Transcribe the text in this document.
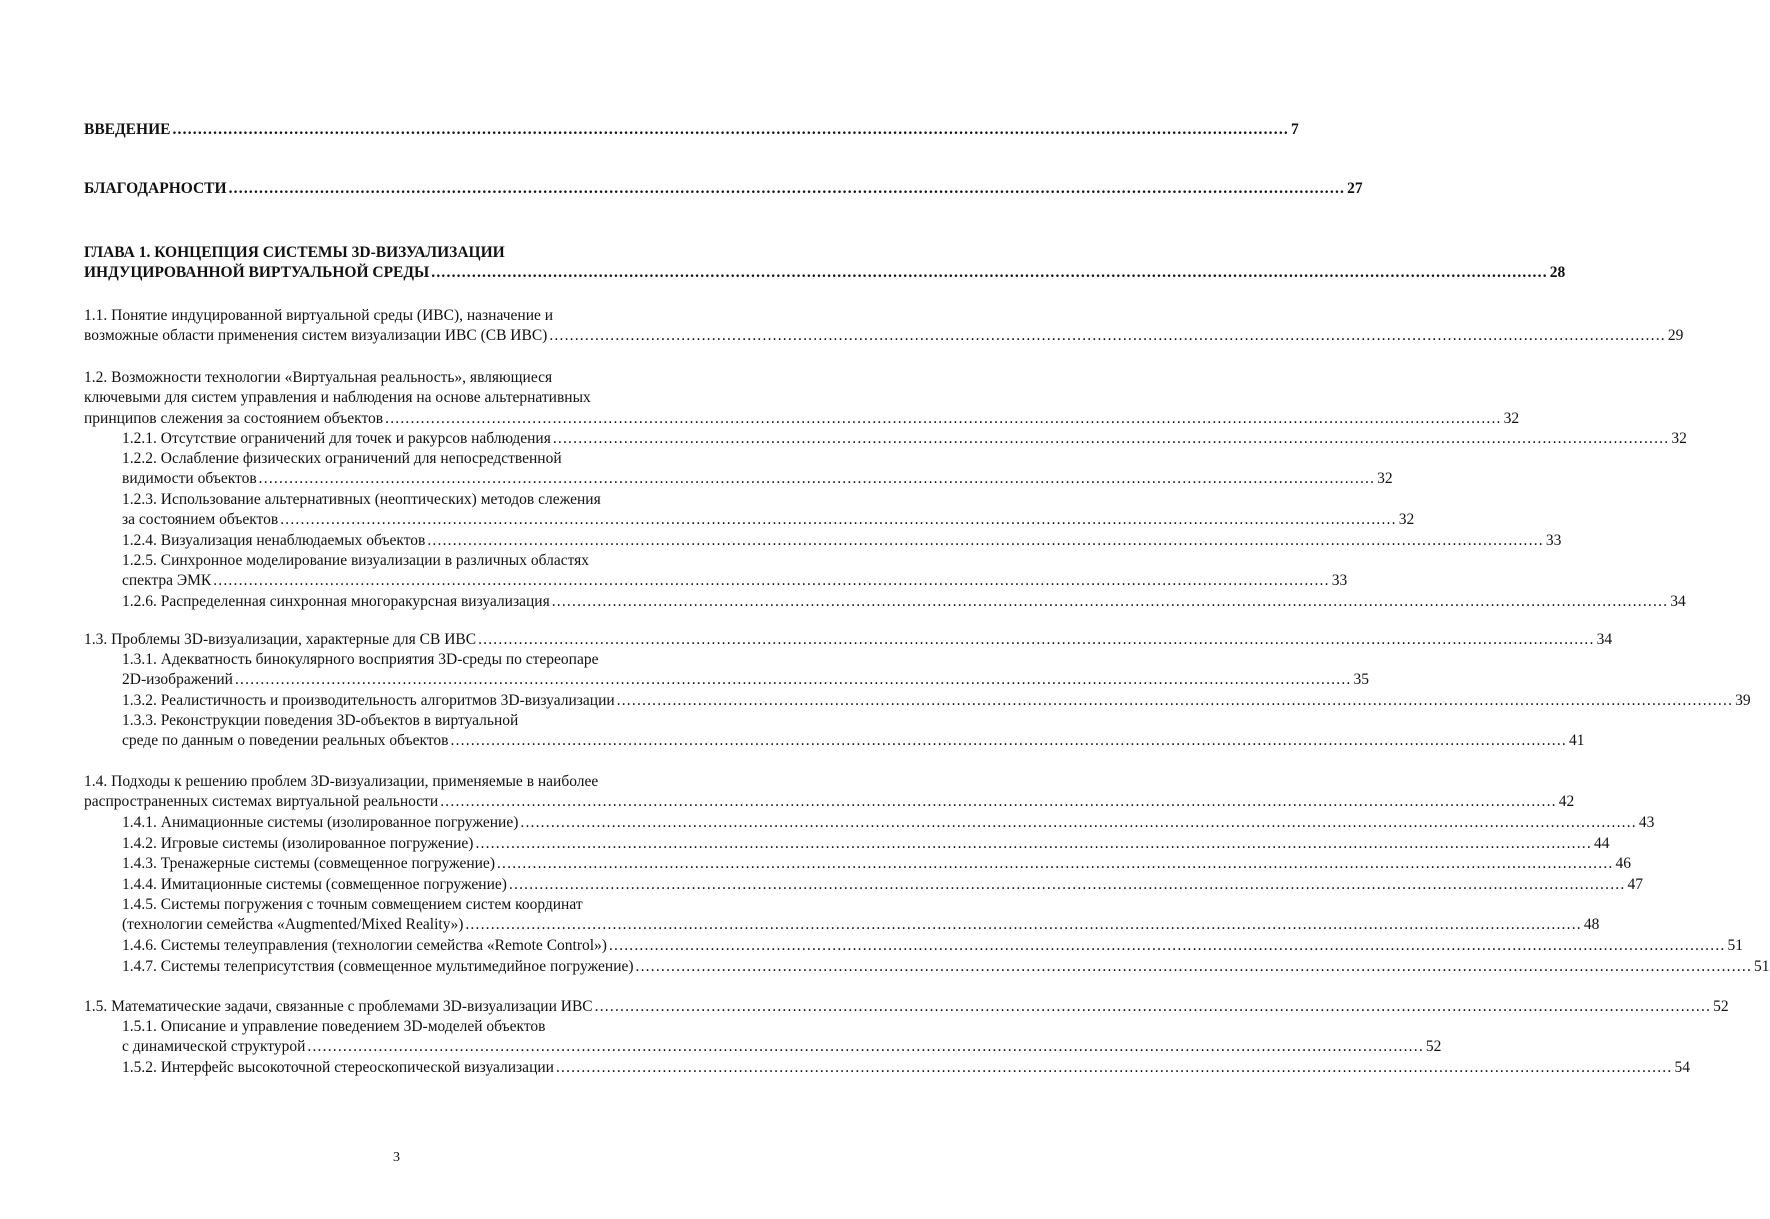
ВВЕДЕНИЕ ............................................................................................................................................................................................................................ 7
БЛАГОДАРНОСТИ ............................................................................................................................................................................................................................ 27
ГЛАВА 1. КОНЦЕПЦИЯ СИСТЕМЫ 3D-ВИЗУАЛИЗАЦИИ
ИНДУЦИРОВАННОЙ ВИРТУАЛЬНОЙ СРЕДЫ ............................................................................................................................................................................................................................ 28
1.1. Понятие индуцированной виртуальной среды (ИВС), назначение и
возможные области применения систем визуализации ИВС (СВ ИВС) ............................................................................................................................................................................................................................ 29
1.2. Возможности технологии «Виртуальная реальность», являющиеся
ключевыми для систем управления и наблюдения на основе альтернативных
принципов слежения за состоянием объектов ............................................................................................................................................................................................................................ 32
1.2.1. Отсутствие ограничений для точек и ракурсов наблюдения ............................................................................................................................................................................................................................ 32
1.2.2. Ослабление физических ограничений для непосредственной
видимости объектов ............................................................................................................................................................................................................................ 32
1.2.3. Использование альтернативных (неоптических) методов слежения
за состоянием объектов ............................................................................................................................................................................................................................ 32
1.2.4. Визуализация ненаблюдаемых объектов ............................................................................................................................................................................................................................ 33
1.2.5. Синхронное моделирование визуализации в различных областях
спектра ЭМК ............................................................................................................................................................................................................................ 33
1.2.6. Распределенная синхронная многоракурсная визуализация ............................................................................................................................................................................................................................ 34
1.3. Проблемы 3D-визуализации, характерные для СВ ИВС ............................................................................................................................................................................................................................ 34
1.3.1. Адекватность бинокулярного восприятия 3D-среды по стереопаре
2D-изображений ............................................................................................................................................................................................................................ 35
1.3.2. Реалистичность и производительность алгоритмов 3D-визуализации ............................................................................................................................................................................................................................ 39
1.3.3. Реконструкции поведения 3D-объектов в виртуальной
среде по данным о поведении реальных объектов ............................................................................................................................................................................................................................ 41
1.4. Подходы к решению проблем 3D-визуализации, применяемые в наиболее
распространенных системах виртуальной реальности ............................................................................................................................................................................................................................ 42
1.4.1. Анимационные системы (изолированное погружение) ............................................................................................................................................................................................................................ 43
1.4.2. Игровые системы (изолированное погружение) ............................................................................................................................................................................................................................ 44
1.4.3. Тренажерные системы (совмещенное погружение) ............................................................................................................................................................................................................................ 46
1.4.4. Имитационные системы (совмещенное погружение) ............................................................................................................................................................................................................................ 47
1.4.5. Системы погружения с точным совмещением систем координат
(технологии семейства «Augmented/Mixed Reality») ............................................................................................................................................................................................................................ 48
1.4.6. Системы телеуправления (технологии семейства «Remote Control») ............................................................................................................................................................................................................................ 51
1.4.7. Системы телеприсутствия (совмещенное мультимедийное погружение) ............................................................................................................................................................................................................................ 51
1.5. Математические задачи, связанные с проблемами 3D-визуализации ИВС ............................................................................................................................................................................................................................ 52
1.5.1. Описание и управление поведением 3D-моделей объектов
с динамической структурой ............................................................................................................................................................................................................................ 52
1.5.2. Интерфейс высокоточной стереоскопической визуализации ............................................................................................................................................................................................................................ 54
3
